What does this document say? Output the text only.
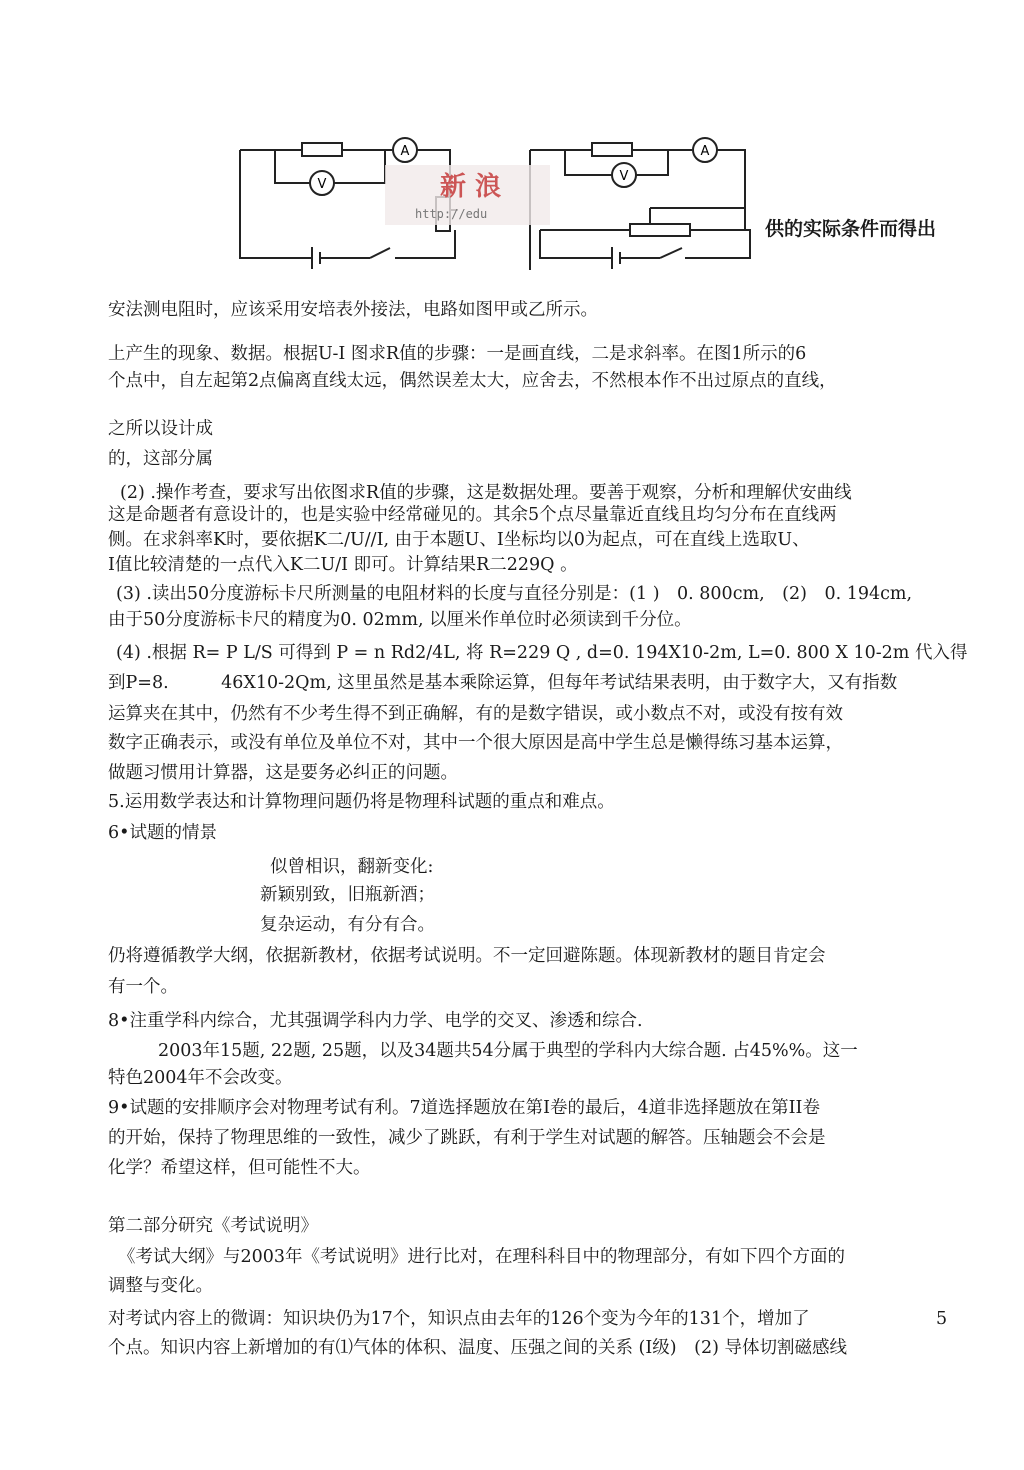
A
V
A
V
新 浪
http://edu
供的实际条件而得出
安法测电阻时，应该采用安培表外接法，电路如图甲或乙所示。
上产生的现象、数据。根据U-I 图求R值的步骤：一是画直线，二是求斜率。在图1所示的6
个点中，自左起第2点偏离直线太远，偶然误差太大，应舍去，不然根本作不出过原点的直线，
之所以设计成
的，这部分属
(2) .操作考查，要求写出依图求R值的步骤，这是数据处理。要善于观察，分析和理解伏安曲线
这是命题者有意设计的，也是实验中经常碰见的。其余5个点尽量靠近直线且均匀分布在直线两
侧。在求斜率K时，要依据K二/U//I, 由于本题U、I坐标均以0为起点，可在直线上选取U、
I值比较清楚的一点代入K二U/I 即可。计算结果R二229Q 。
(3) .读出50分度游标卡尺所测量的电阻材料的长度与直径分别是：(1 )　0. 800cm,　(2)　0. 194cm,
由于50分度游标卡尺的精度为0. 02mm, 以厘米作单位时必须读到千分位。
(4) .根据 R= P L/S 可得到 P = n Rd2/4L, 将 R=229 Q , d=0. 194X10-2m, L=0. 800 X 10-2m 代入得
到P=8.　　　46X10-2Qm, 这里虽然是基本乘除运算，但每年考试结果表明，由于数字大，又有指数
运算夹在其中，仍然有不少考生得不到正确解，有的是数字错误，或小数点不对，或没有按有效
数字正确表示，或没有单位及单位不对，其中一个很大原因是高中学生总是懒得练习基本运算，
做题习惯用计算器，这是要务必纠正的问题。
5.运用数学表达和计算物理问题仍将是物理科试题的重点和难点。
6•试题的情景
似曾相识，翻新变化:
新颖别致，旧瓶新酒；
复杂运动，有分有合。
仍将遵循教学大纲，依据新教材，依据考试说明。不一定回避陈题。体现新教材的题目肯定会
有一个。
8•注重学科内综合，尤其强调学科内力学、电学的交叉、渗透和综合.
2003年15题, 22题, 25题，以及34题共54分属于典型的学科内大综合题. 占45%%。这一
特色2004年不会改变。
9•试题的安排顺序会对物理考试有利。7道选择题放在第I卷的最后，4道非选择题放在第II卷
的开始，保持了物理思维的一致性，减少了跳跃，有利于学生对试题的解答。压轴题会不会是
化学？希望这样，但可能性不大。
第二部分研究《考试说明》
《考试大纲》与2003年《考试说明》进行比对，在理科科目中的物理部分，有如下四个方面的
调整与变化。
对考试内容上的微调：知识块仍为17个，知识点由去年的126个变为今年的131个，增加了	5
个点。知识内容上新增加的有⑴气体的体积、温度、压强之间的关系 (I级)　(2) 导体切割磁感线
